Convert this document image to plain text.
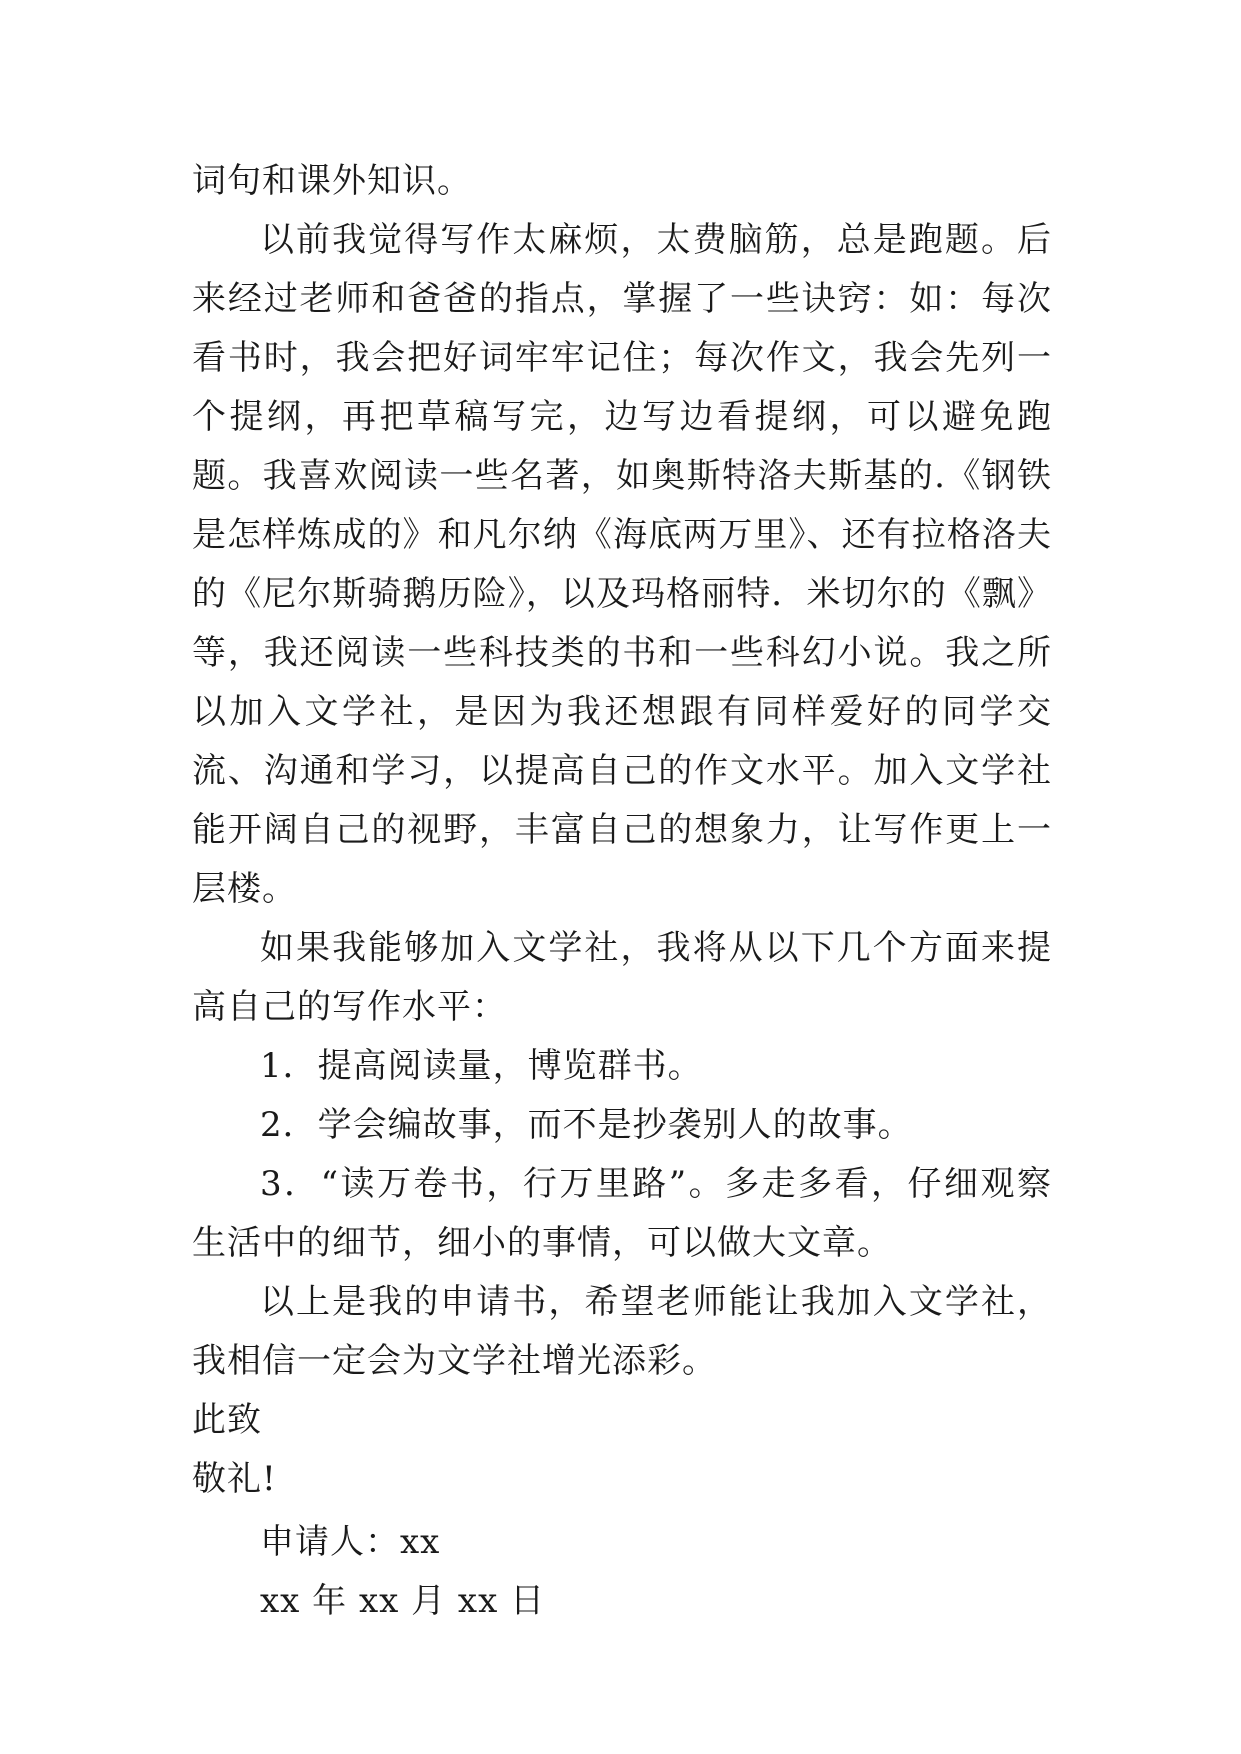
词句和课外知识。

以前我觉得写作太麻烦，太费脑筋，总是跑题。后来经过老师和爸爸的指点，掌握了一些诀窍：如：每次看书时，我会把好词牢牢记住；每次作文，我会先列一个提纲，再把草稿写完，边写边看提纲，可以避免跑题。我喜欢阅读一些名著，如奥斯特洛夫斯基的.《钢铁是怎样炼成的》和凡尔纳《海底两万里》、还有拉格洛夫的《尼尔斯骑鹅历险》，以及玛格丽特．米切尔的《飘》等，我还阅读一些科技类的书和一些科幻小说。我之所以加入文学社，是因为我还想跟有同样爱好的同学交流、沟通和学习，以提高自己的作文水平。加入文学社能开阔自己的视野，丰富自己的想象力，让写作更上一层楼。

如果我能够加入文学社，我将从以下几个方面来提高自己的写作水平：

1．提高阅读量，博览群书。

2．学会编故事，而不是抄袭别人的故事。

3．“读万卷书，行万里路”。多走多看，仔细观察生活中的细节，细小的事情，可以做大文章。

以上是我的申请书，希望老师能让我加入文学社，我相信一定会为文学社增光添彩。

此致

敬礼!

申请人：xx

xx 年 xx 月 xx 日
